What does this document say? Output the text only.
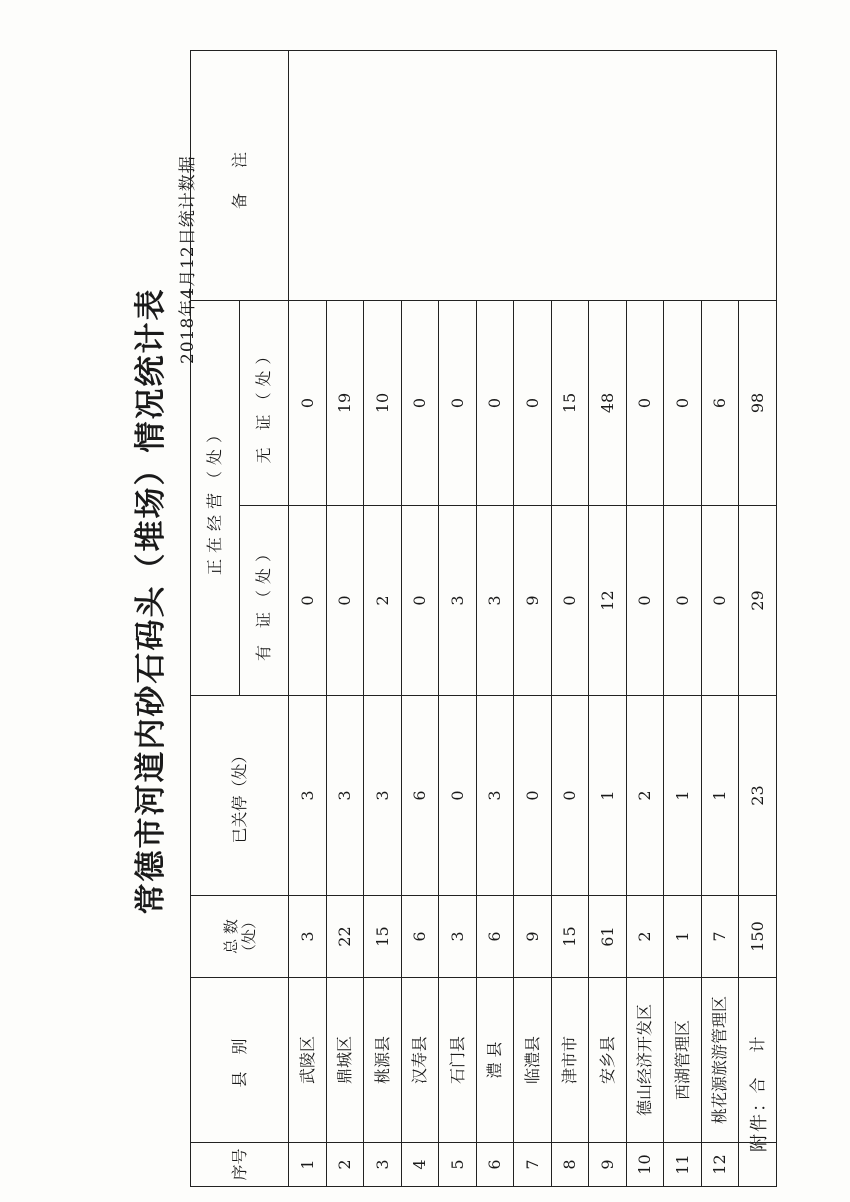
附件：
常德市河道内砂石码头（堆场）情况统计表
2018年4月12日统计数据
序号	县 别	总 数 （处）	已关停（处）	正在经营（处）		备 注
				有 证（处）	无 证（处）	
1	武陵区	3	3	0	0	
2	鼎城区	22	3	0	19	
3	桃源县	15	3	2	10	
4	汉寿县	6	6	0	0	
5	石门县	3	0	3	0	
6	澧 县	6	3	3	0	
7	临澧县	9	0	9	0	
8	津市市	15	0	0	15	
9	安乡县	61	1	12	48	
10	德山经济开发区	2	2	0	0	
11	西湖管理区	1	1	0	0	
12	桃花源旅游管理区	7	1	0	6	
	合 计	150	23	29	98	
